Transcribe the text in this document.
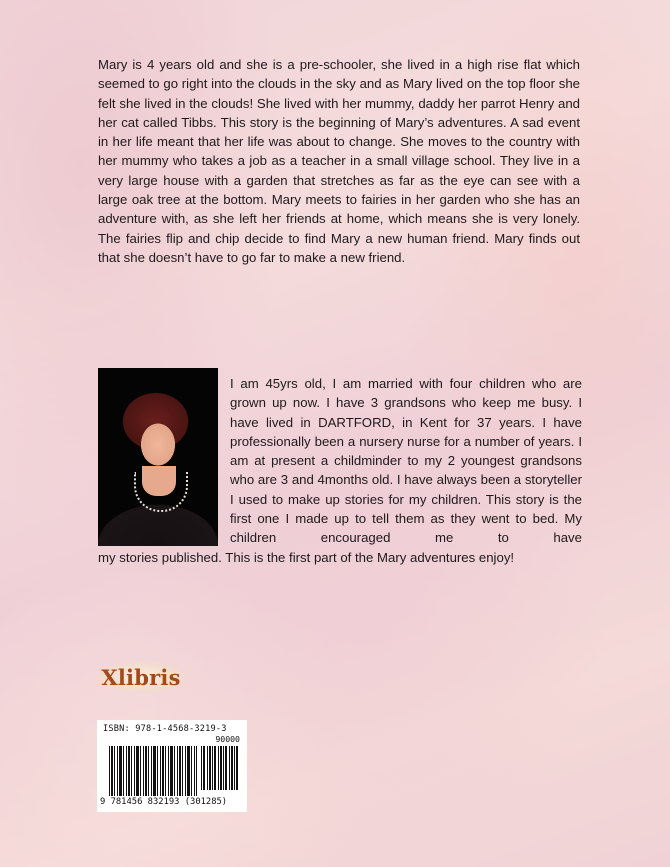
Mary is 4 years old and she is a pre-schooler, she lived in a high rise flat which seemed to go right into the clouds in the sky and as Mary lived on the top floor she felt she lived in the clouds! She lived with her mummy, daddy her parrot Henry and her cat called Tibbs. This story is the beginning of Mary’s adventures. A sad event in her life meant that her life was about to change. She moves to the country with her mummy who takes a job as a teacher in a small village school. They live in a very large house with a garden that stretches as far as the eye can see with a large oak tree at the bottom. Mary meets to fairies in her garden who she has an adventure with, as she left her friends at home, which means she is very lonely. The fairies flip and chip decide to find Mary a new human friend. Mary finds out that she doesn’t have to go far to make a new friend.

I am 45yrs old, I am married with four children who are grown up now. I have 3 grandsons who keep me busy. I have lived in DARTFORD, in Kent for 37 years. I have professionally been a nursery nurse for a number of years. I am at present a childminder to my 2 youngest grandsons who are 3 and 4months old. I have always been a storyteller I used to make up stories for my children. This story is the first one I made up to tell them as they went to bed. My children encouraged me to have

my stories published. This is the first part of the Mary adventures enjoy!

Xlibris
ISBN: 978-1-4568-3219-3
90000
9 781456 832193 (301285)
